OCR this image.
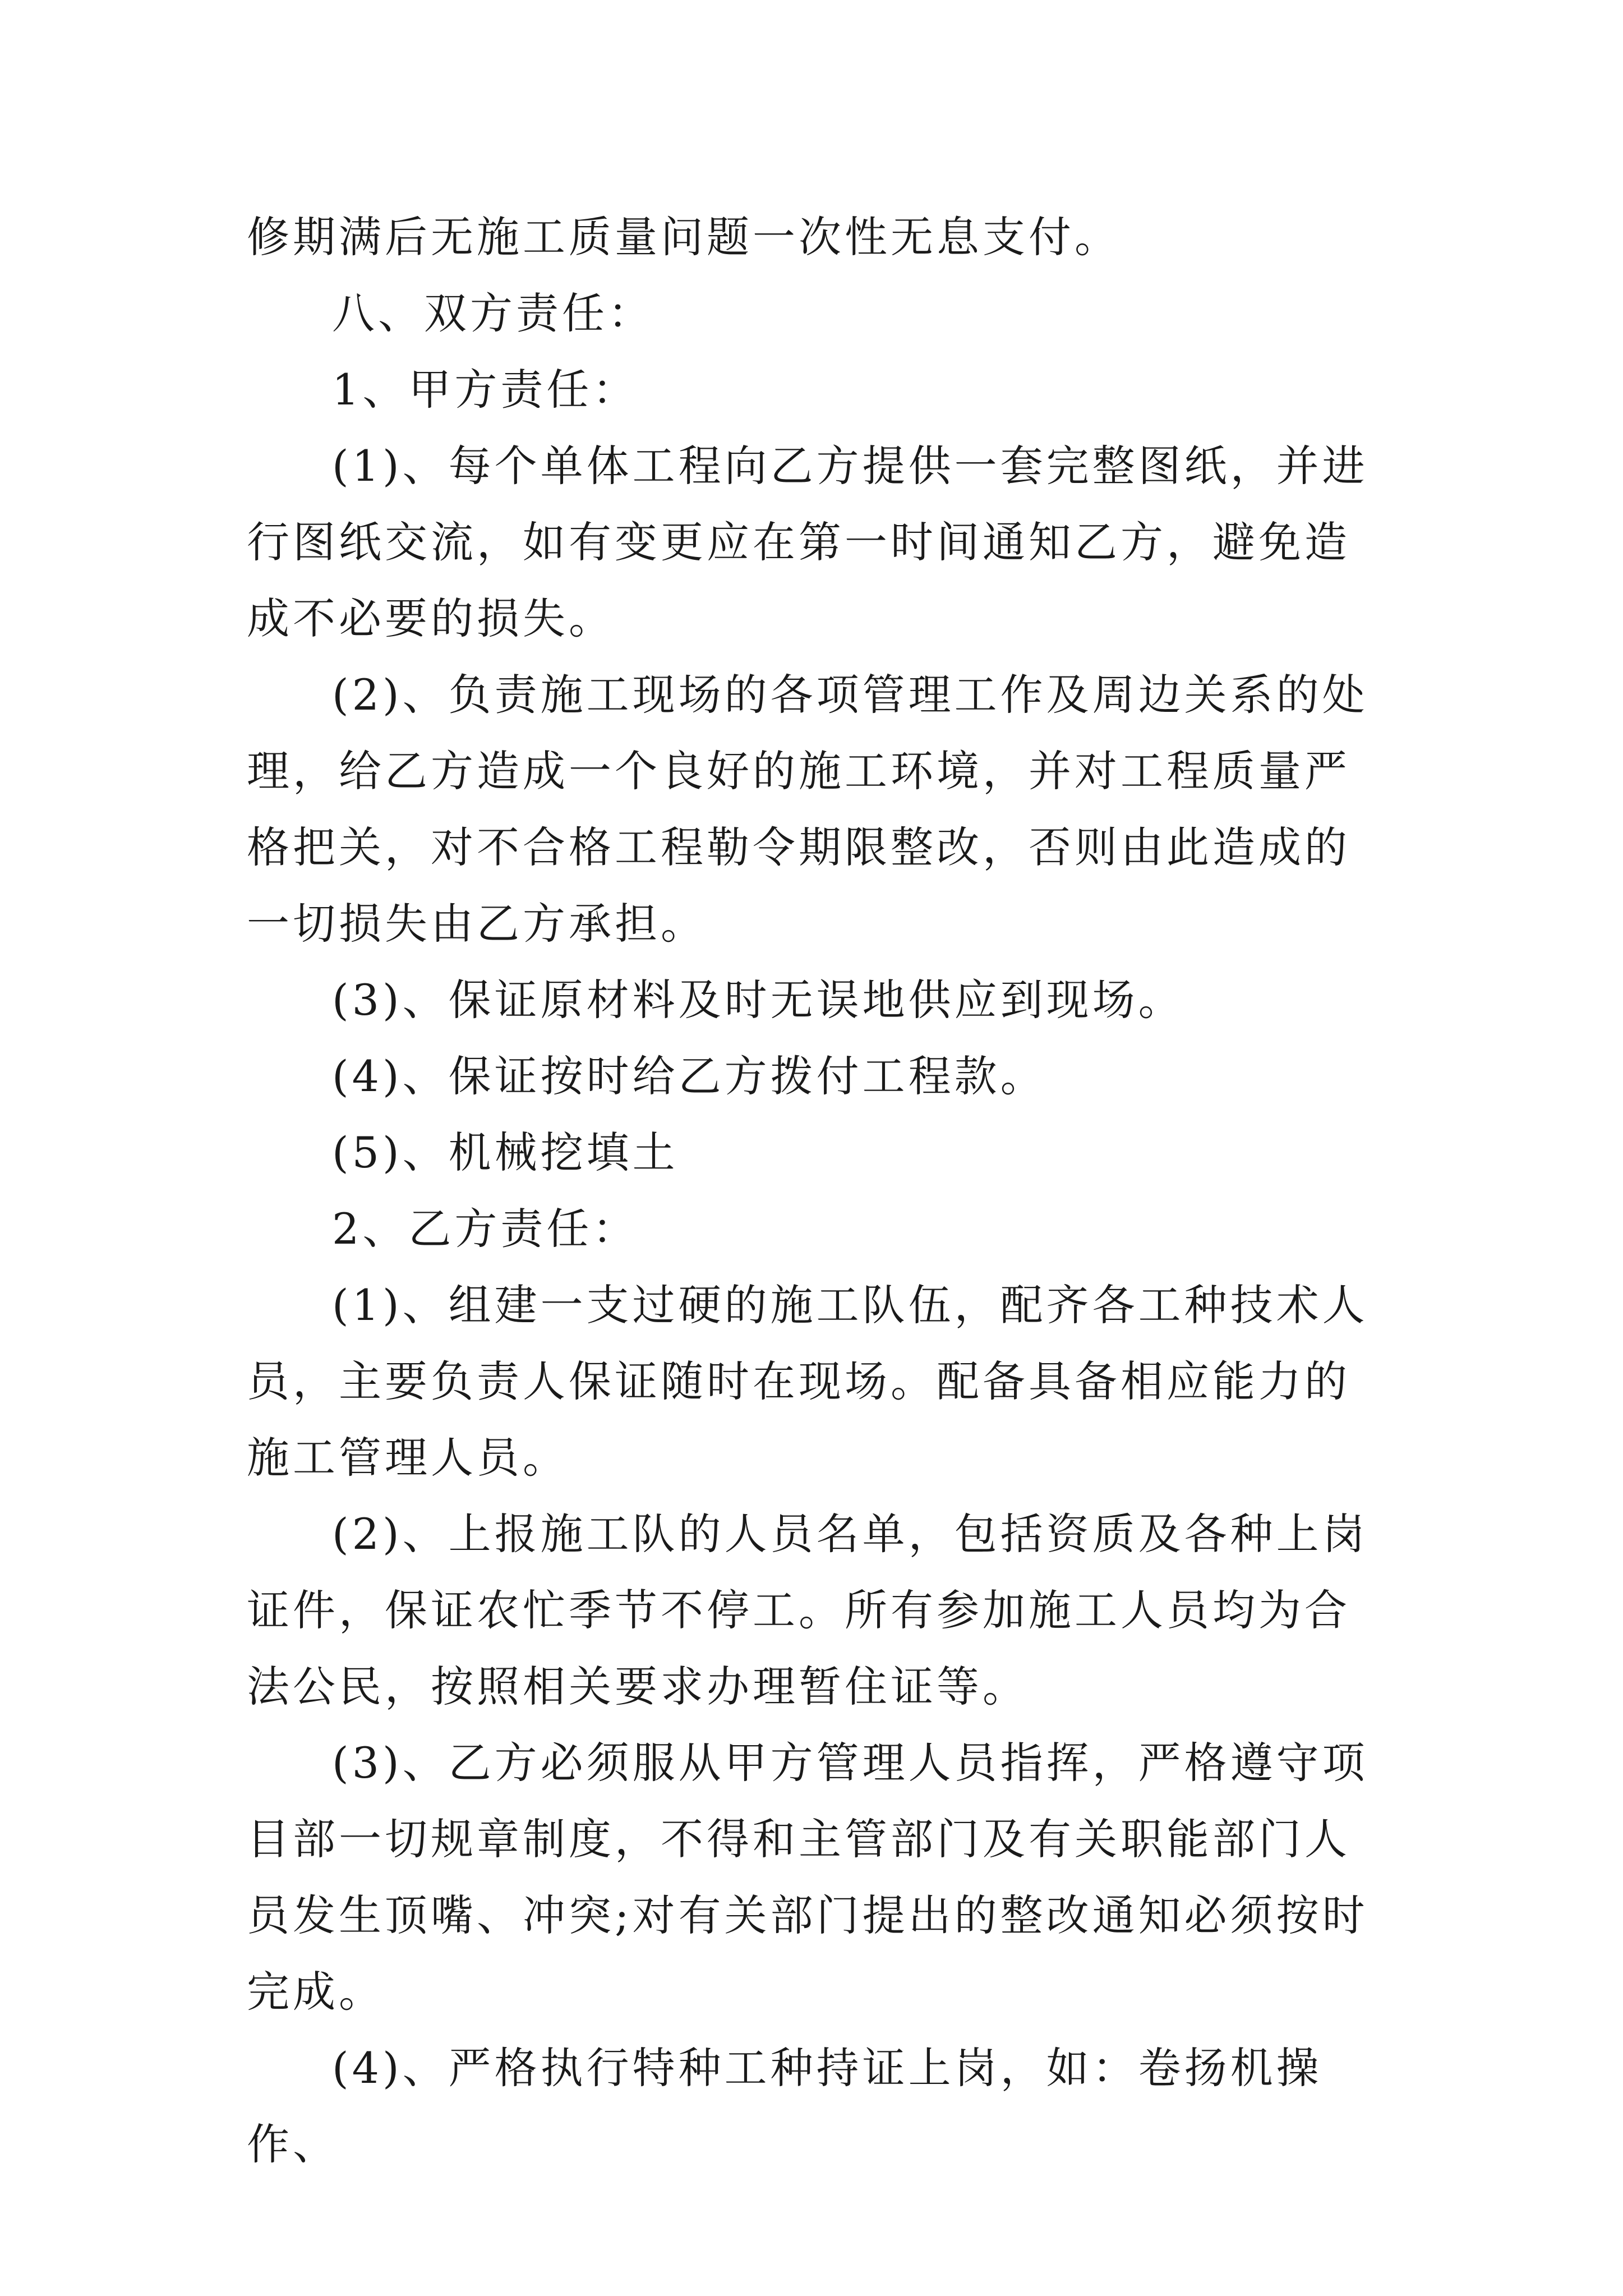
修期满后无施工质量问题一次性无息支付。

八、双方责任：

1、甲方责任：

(1)、每个单体工程向乙方提供一套完整图纸，并进行图纸交流，如有变更应在第一时间通知乙方，避免造成不必要的损失。

(2)、负责施工现场的各项管理工作及周边关系的处理，给乙方造成一个良好的施工环境，并对工程质量严格把关，对不合格工程勒令期限整改，否则由此造成的一切损失由乙方承担。

(3)、保证原材料及时无误地供应到现场。

(4)、保证按时给乙方拨付工程款。

(5)、机械挖填土

2、乙方责任：

(1)、组建一支过硬的施工队伍，配齐各工种技术人员，主要负责人保证随时在现场。配备具备相应能力的施工管理人员。

(2)、上报施工队的人员名单，包括资质及各种上岗证件，保证农忙季节不停工。所有参加施工人员均为合法公民，按照相关要求办理暂住证等。

(3)、乙方必须服从甲方管理人员指挥，严格遵守项目部一切规章制度，不得和主管部门及有关职能部门人员发生顶嘴、冲突;对有关部门提出的整改通知必须按时完成。

(4)、严格执行特种工种持证上岗，如：卷扬机操作、
